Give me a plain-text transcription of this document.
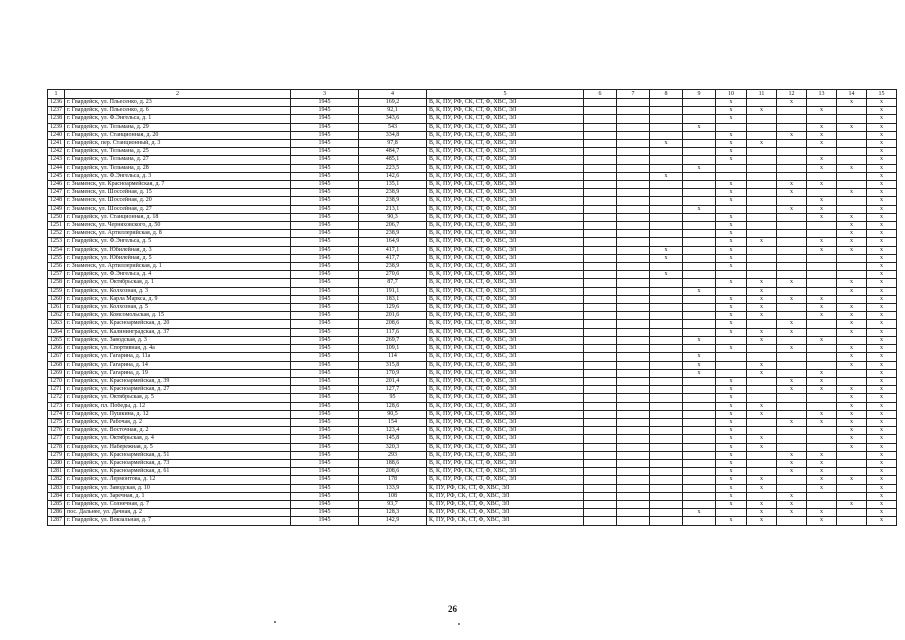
1	2	3	4	5	6	7	8	9	10	11	12	13	14	15
1236	г. Гвардейск, ул. Пльесенко, д. 23	1945	169,2	В, К, ПУ, РФ, СК, СТ, Ф, ХВС, ЭЛ					х		х		х	х
1237	г. Гвардейск, ул. Пльесенко, д. 6	1945	92,1	В, К, ПУ, РФ, СК, СТ, Ф, ХВС, ЭЛ					х	х		х		х
1238	г. Гвардейск, ул. Ф.Энгельса, д. 1	1945	343,6	В, К, ПУ, РФ, СК, СТ, Ф, ХВС, ЭЛ					х					х
1239	г. Гвардейск, ул. Тельмана, д. 29	1945	543	В, К, ПУ, РФ, СК, СТ, Ф, ХВС, ЭЛ				х				х	х	х
1240	г. Гвардейск, ул. Станционная, д. 20	1945	334,8	В, К, ПУ, РФ, СК, СТ, Ф, ХВС, ЭЛ					х		х	х		х
1241	г. Гвардейск, пер. Станционный, д. 3	1945	97,8	В, К, ПУ, РФ, СК, СТ, Ф, ХВС, ЭЛ			х		х	х		х		х
1242	г. Гвардейск, ул. Тельмана, д. 25	1945	484,7	В, К, ПУ, РФ, СК, СТ, Ф, ХВС, ЭЛ					х					х
1243	г. Гвардейск, ул. Тельмана, д. 27	1945	485,1	В, К, ПУ, РФ, СК, СТ, Ф, ХВС, ЭЛ					х			х		х
1244	г. Гвардейск, ул. Тельмана, д. 28	1945	223,5	В, К, ПУ, РФ, СК, СТ, Ф, ХВС, ЭЛ				х				х	х	х
1245	г. Гвардейск, ул. Ф.Энгельса, д. 3	1945	142,6	В, К, ПУ, РФ, СК, СТ, Ф, ХВС, ЭЛ			х							х
1246	г. Знаменск, ул. Красноармейская, д. 7	1945	135,1	В, К, ПУ, РФ, СК, СТ, Ф, ХВС, ЭЛ					х		х	х		х
1247	г. Знаменск, ул. Шоссейная, д. 15	1945	238,9	В, К, ПУ, РФ, СК, СТ, Ф, ХВС, ЭЛ					х		х		х	х
1248	г. Знаменск, ул. Шоссейная, д. 20	1945	238,9	В, К, ПУ, РФ, СК, СТ, Ф, ХВС, ЭЛ					х			х		х
1249	г. Знаменск, ул. Шоссейная, д. 27	1945	213,1	В, К, ПУ, РФ, СК, СТ, Ф, ХВС, ЭЛ				х			х	х		х
1250	г. Гвардейск, ул. Станционная, д. 18	1945	90,3	В, К, ПУ, РФ, СК, СТ, Ф, ХВС, ЭЛ					х			х	х	х
1251	г. Знаменск, ул. Черняховского, д. 50	1945	206,7	В, К, ПУ, РФ, СК, СТ, Ф, ХВС, ЭЛ					х				х	х
1252	г. Знаменск, ул. Артиллерийская, д. 8	1945	238,9	В, К, ПУ, РФ, СК, СТ, Ф, ХВС, ЭЛ					х				х	х
1253	г. Гвардейск, ул. Ф.Энгельса, д. 5	1945	164,9	В, К, ПУ, РФ, СК, СТ, Ф, ХВС, ЭЛ					х	х		х	х	х
1254	г. Гвардейск, ул. Юбилейная, д. 3	1945	417,1	В, К, ПУ, РФ, СК, СТ, Ф, ХВС, ЭЛ			х		х			х	х	х
1255	г. Гвардейск, ул. Юбилейная, д. 5	1945	417,7	В, К, ПУ, РФ, СК, СТ, Ф, ХВС, ЭЛ			х		х					х
1256	г. Знаменск, ул. Артиллерийская, д. 1	1945	238,9	В, К, ПУ, РФ, СК, СТ, Ф, ХВС, ЭЛ					х					х
1257	г. Гвардейск, ул. Ф.Энгельса, д. 4	1945	270,6	В, К, ПУ, РФ, СК, СТ, Ф, ХВС, ЭЛ			х							х
1258	г. Гвардейск, ул. Октябрьская, д. 1	1945	87,7	В, К, ПУ, РФ, СК, СТ, Ф, ХВС, ЭЛ					х	х	х		х	х
1259	г. Гвардейск, ул. Колхозная, д. 3	1945	191,1	В, К, ПУ, РФ, СК, СТ, Ф, ХВС, ЭЛ				х		х			х	х
1260	г. Гвардейск, ул. Карла Маркса, д. 9	1945	183,1	В, К, ПУ, РФ, СК, СТ, Ф, ХВС, ЭЛ					х	х	х	х		х
1261	г. Гвардейск, ул. Колхозная, д. 5	1945	129,6	В, К, ПУ, РФ, СК, СТ, Ф, ХВС, ЭЛ					х	х		х	х	х
1262	г. Гвардейск, ул. Комсомольская, д. 15	1945	201,6	В, К, ПУ, РФ, СК, СТ, Ф, ХВС, ЭЛ					х	х		х	х	х
1263	г. Гвардейск, ул. Красноармейская, д. 20	1945	208,6	В, К, ПУ, РФ, СК, СТ, Ф, ХВС, ЭЛ					х		х		х	х
1264	г. Гвардейск, ул. Калининградская, д. 37	1945	117,6	В, К, ПУ, РФ, СК, СТ, Ф, ХВС, ЭЛ					х	х	х		х	х
1265	г. Гвардейск, ул. Заводская, д. 3	1945	269,7	В, К, ПУ, РФ, СК, СТ, Ф, ХВС, ЭЛ				х		х		х		х
1266	г. Гвардейск, ул. Спортивная, д. 4а	1945	109,1	В, К, ПУ, РФ, СК, СТ, Ф, ХВС, ЭЛ					х		х		х	х
1267	г. Гвардейск, ул. Гагарина, д. 11а	1945	114	В, К, ПУ, РФ, СК, СТ, Ф, ХВС, ЭЛ				х					х	х
1268	г. Гвардейск, ул. Гагарина, д. 14	1945	315,8	В, К, ПУ, РФ, СК, СТ, Ф, ХВС, ЭЛ				х		х			х	х
1269	г. Гвардейск, ул. Гагарина, д. 19	1945	170,9	В, К, ПУ, РФ, СК, СТ, Ф, ХВС, ЭЛ				х		х		х		х
1270	г. Гвардейск, ул. Красноармейская, д. 39	1945	201,4	В, К, ПУ, РФ, СК, СТ, Ф, ХВС, ЭЛ					х		х	х		х
1271	г. Гвардейск, ул. Красноармейская, д. 27	1945	127,7	В, К, ПУ, РФ, СК, СТ, Ф, ХВС, ЭЛ					х		х	х	х	х
1272	г. Гвардейск, ул. Октябрьская, д. 5	1945	95	В, К, ПУ, РФ, СК, СТ, Ф, ХВС, ЭЛ					х				х	х
1273	г. Гвардейск, пл. Победы, д. 12	1945	128,6	В, К, ПУ, РФ, СК, СТ, Ф, ХВС, ЭЛ					х	х			х	х
1274	г. Гвардейск, ул. Пушкина, д. 12	1945	90,5	В, К, ПУ, РФ, СК, СТ, Ф, ХВС, ЭЛ					х	х		х	х	х
1275	г. Гвардейск, ул. Рабочая, д. 2	1945	154	В, К, ПУ, РФ, СК, СТ, Ф, ХВС, ЭЛ					х		х	х	х	х
1276	г. Гвардейск, ул. Восточная, д. 2	1945	123,4	В, К, ПУ, РФ, СК, СТ, Ф, ХВС, ЭЛ					х				х	х
1277	г. Гвардейск, ул. Октябрьская, д. 4	1945	145,8	В, К, ПУ, РФ, СК, СТ, Ф, ХВС, ЭЛ					х	х			х	х
1278	г. Гвардейск, ул. Набережная, д. 5	1945	320,3	В, К, ПУ, РФ, СК, СТ, Ф, ХВС, ЭЛ					х	х			х	х
1279	г. Гвардейск, ул. Красноармейская, д. 51	1945	293	В, К, ПУ, РФ, СК, СТ, Ф, ХВС, ЭЛ					х		х	х		х
1280	г. Гвардейск, ул. Красноармейская, д. 73	1945	188,6	В, К, ПУ, РФ, СК, СТ, Ф, ХВС, ЭЛ					х		х	х		х
1281	г. Гвардейск, ул. Красноармейская, д. 61	1945	208,6	В, К, ПУ, РФ, СК, СТ, Ф, ХВС, ЭЛ					х		х	х		х
1282	г. Гвардейск, ул. Лермонтова, д. 12	1945	178	В, К, ПУ, РФ, СК, СТ, Ф, ХВС, ЭЛ					х	х		х	х	х
1283	г. Гвардейск, ул. Заводская, д. 10	1945	133,9	К, ПУ, РФ, СК, СТ, Ф, ХВС, ЭЛ					х	х		х		х
1284	г. Гвардейск, ул. Заречная, д. 1	1945	108	К, ПУ, РФ, СК, СТ, Ф, ХВС, ЭЛ					х		х			х
1285	г. Гвардейск, ул. Солнечная, д. 7	1945	93,7	К, ПУ, РФ, СК, СТ, Ф, ХВС, ЭЛ					х	х	х		х	х
1286	пос. Дальнее, ул. Дачная, д. 2	1945	128,3	К, ПУ, РФ, СК, СТ, Ф, ХВС, ЭЛ				х		х	х	х		х
1287	г. Гвардейск, ул. Вокзальная, д. 7	1945	142,9	К, ПУ, РФ, СК, СТ, Ф, ХВС, ЭЛ					х	х		х		х
26
